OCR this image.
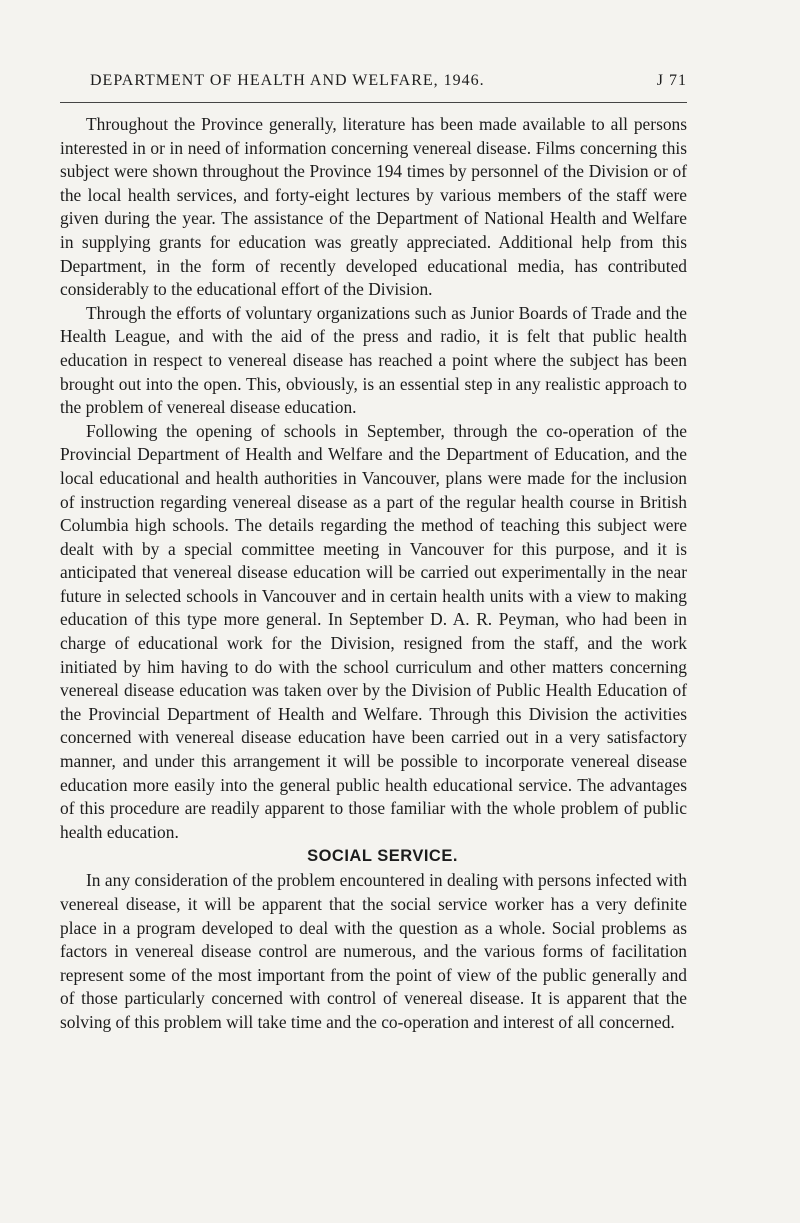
DEPARTMENT OF HEALTH AND WELFARE, 1946.	J 71

Throughout the Province generally, literature has been made available to all persons interested in or in need of information concerning venereal disease. Films concerning this subject were shown throughout the Province 194 times by personnel of the Division or of the local health services, and forty-eight lectures by various members of the staff were given during the year. The assistance of the Department of National Health and Welfare in supplying grants for education was greatly appreciated. Additional help from this Department, in the form of recently developed educational media, has contributed considerably to the educational effort of the Division.

Through the efforts of voluntary organizations such as Junior Boards of Trade and the Health League, and with the aid of the press and radio, it is felt that public health education in respect to venereal disease has reached a point where the subject has been brought out into the open. This, obviously, is an essential step in any realistic approach to the problem of venereal disease education.

Following the opening of schools in September, through the co-operation of the Provincial Department of Health and Welfare and the Department of Education, and the local educational and health authorities in Vancouver, plans were made for the inclusion of instruction regarding venereal disease as a part of the regular health course in British Columbia high schools. The details regarding the method of teaching this subject were dealt with by a special committee meeting in Vancouver for this purpose, and it is anticipated that venereal disease education will be carried out experimentally in the near future in selected schools in Vancouver and in certain health units with a view to making education of this type more general. In September D. A. R. Peyman, who had been in charge of educational work for the Division, resigned from the staff, and the work initiated by him having to do with the school curriculum and other matters concerning venereal disease education was taken over by the Division of Public Health Education of the Provincial Department of Health and Welfare. Through this Division the activities concerned with venereal disease education have been carried out in a very satisfactory manner, and under this arrangement it will be possible to incorporate venereal disease education more easily into the general public health educational service. The advantages of this procedure are readily apparent to those familiar with the whole problem of public health education.

SOCIAL SERVICE.

In any consideration of the problem encountered in dealing with persons infected with venereal disease, it will be apparent that the social service worker has a very definite place in a program developed to deal with the question as a whole. Social problems as factors in venereal disease control are numerous, and the various forms of facilitation represent some of the most important from the point of view of the public generally and of those particularly concerned with control of venereal disease. It is apparent that the solving of this problem will take time and the co-operation and interest of all concerned.
